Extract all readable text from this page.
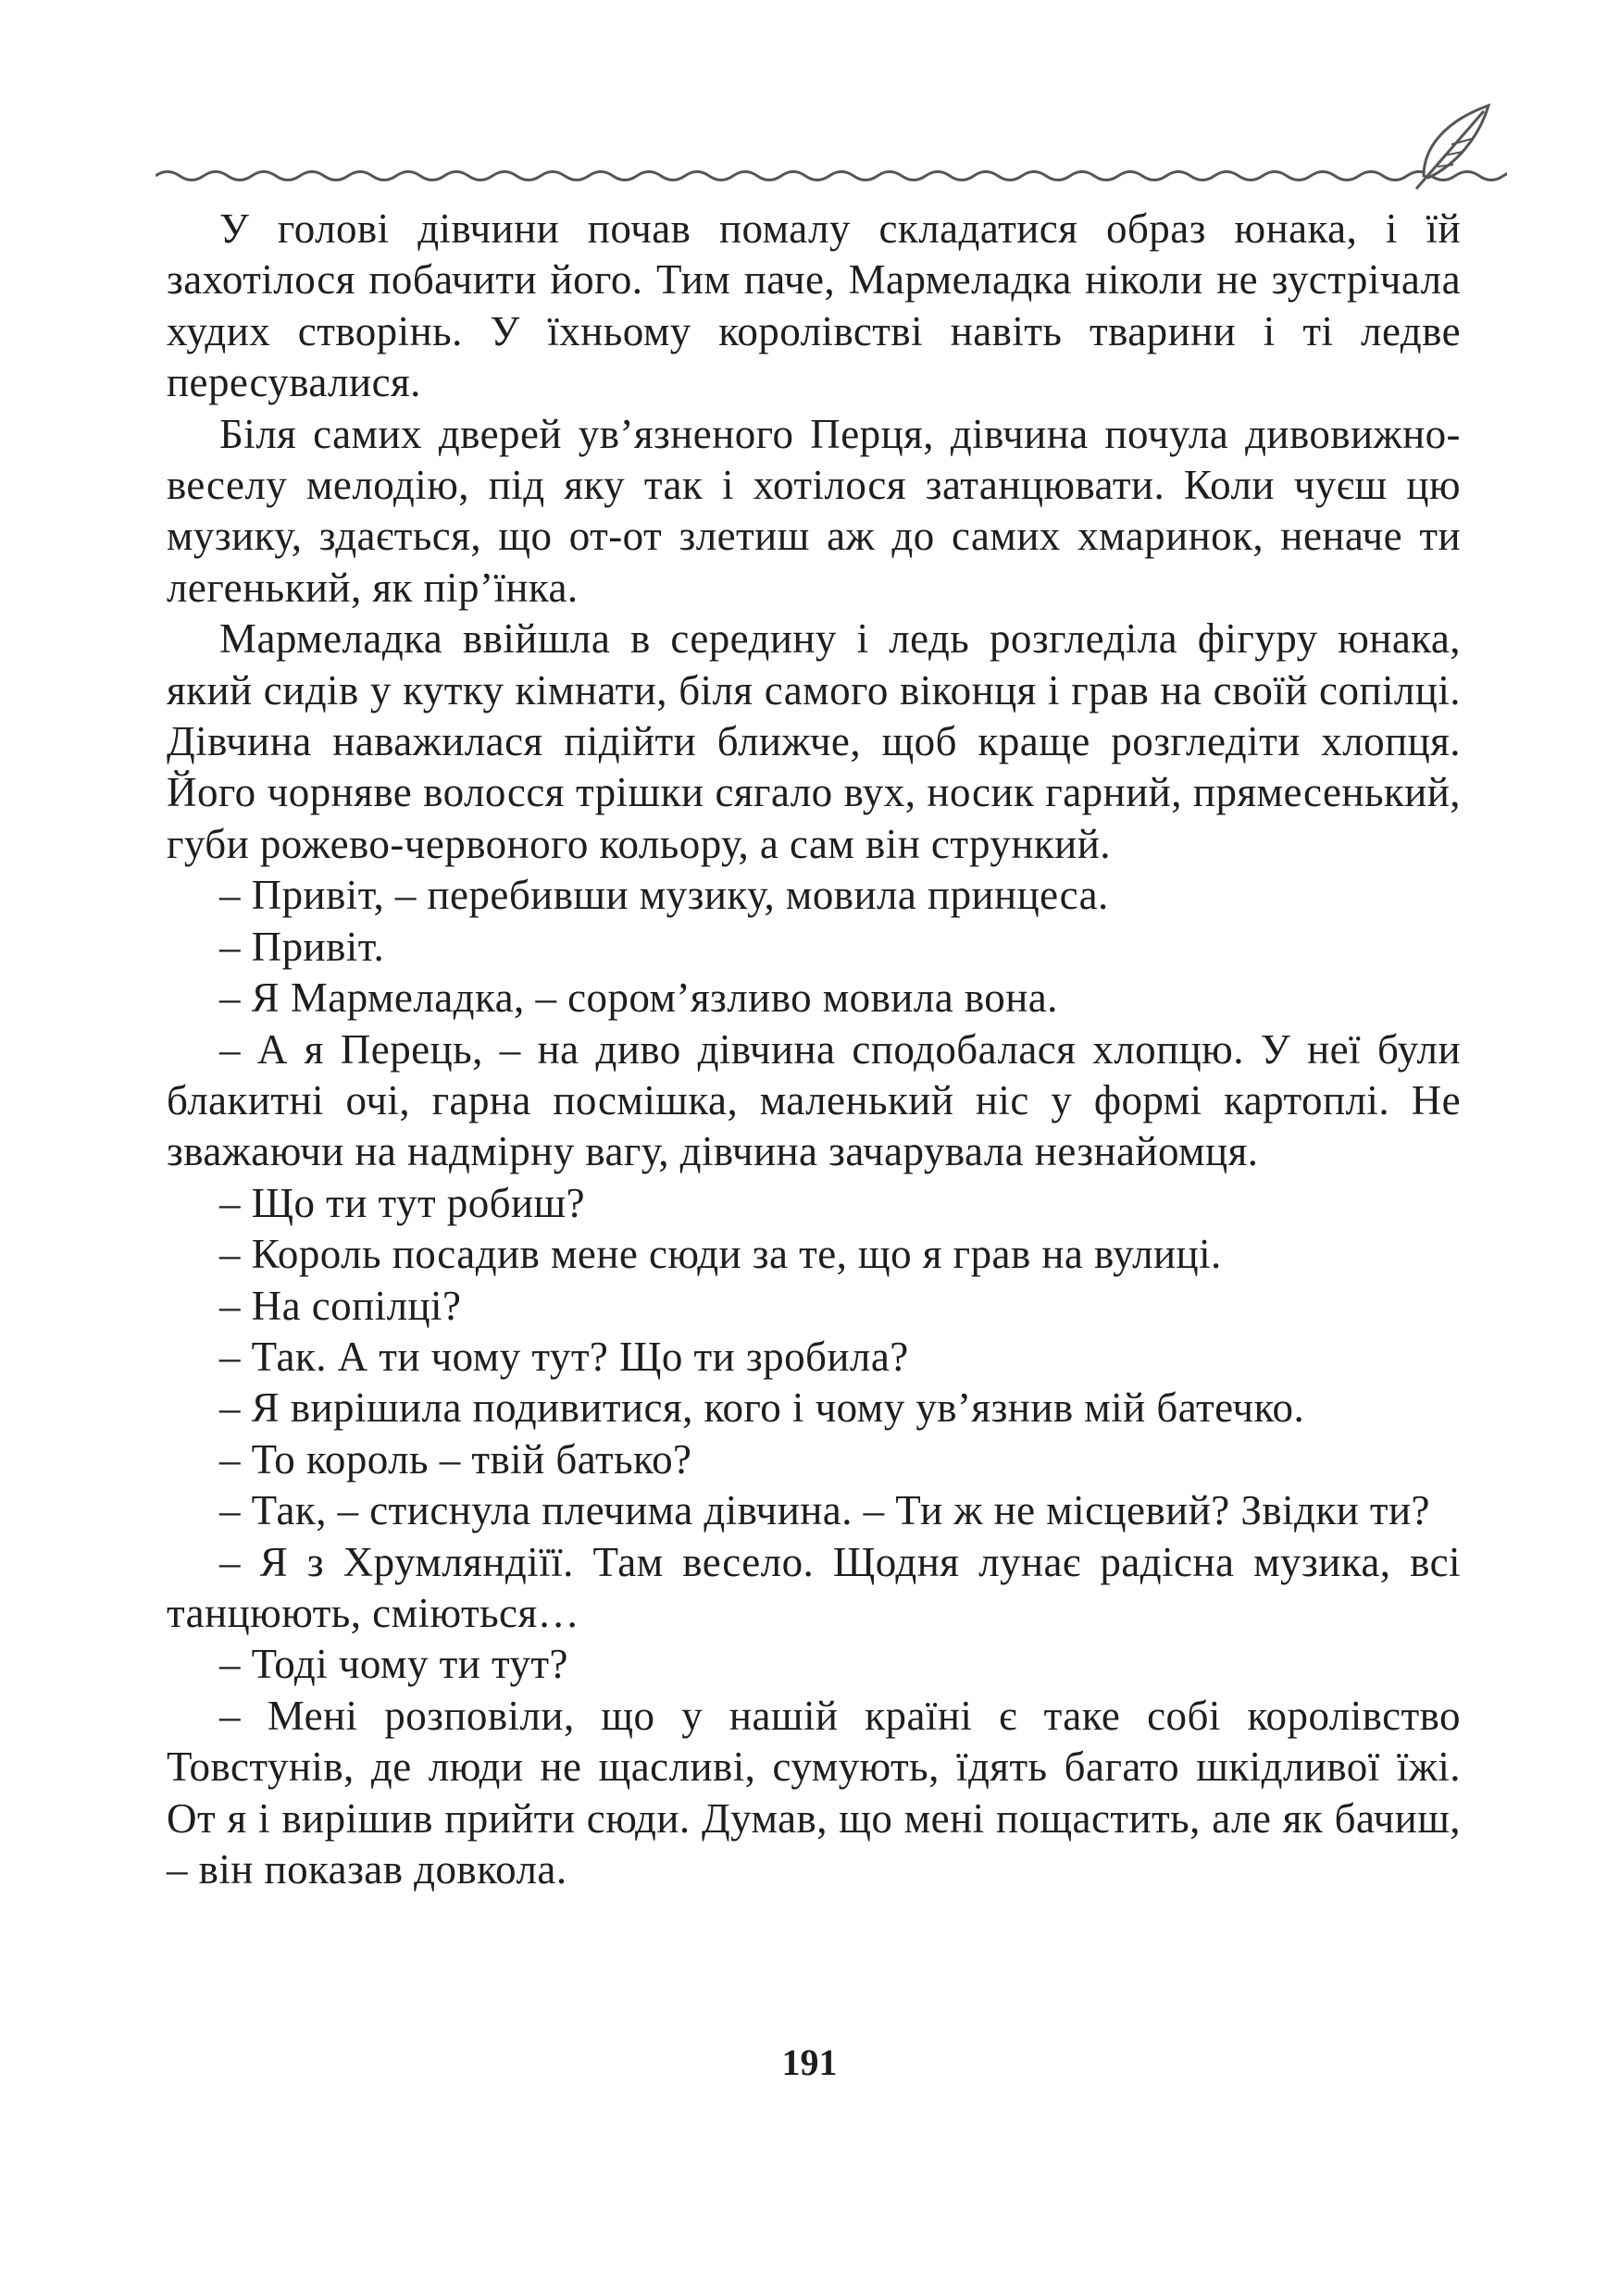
У голові дівчини почав помалу складатися образ юнака, і їй захотілося побачити його. Тим паче, Мармеладка ніколи не зустрічала худих створінь. У їхньому королівстві навіть тварини і ті ледве пересувалися.

Біля самих дверей ув’язненого Перця, дівчина почула дивовижно-веселу мелодію, під яку так і хотілося затанцювати. Коли чуєш цю музику, здається, що от-от злетиш аж до самих хмаринок, неначе ти легенький, як пір’їнка.

Мармеладка ввійшла в середину і ледь розгледіла фігуру юнака, який сидів у кутку кімнати, біля самого віконця і грав на своїй сопілці. Дівчина наважилася підійти ближче, щоб краще розгледіти хлопця. Його чорняве волосся трішки сягало вух, носик гарний, прямесенький, губи рожево-червоного кольору, а сам він стрункий.

– Привіт, – перебивши музику, мовила принцеса.

– Привіт.

– Я Мармеладка, – сором’язливо мовила вона.

– А я Перець, – на диво дівчина сподобалася хлопцю. У неї були блакитні очі, гарна посмішка, маленький ніс у формі картоплі. Не зважаючи на надмірну вагу, дівчина зачарувала незнайомця.

– Що ти тут робиш?

– Король посадив мене сюди за те, що я грав на вулиці.

– На сопілці?

– Так. А ти чому тут? Що ти зробила?

– Я вирішила подивитися, кого і чому ув’язнив мій батечко.

– То король – твій батько?

– Так, – стиснула плечима дівчина. – Ти ж не місцевий? Звідки ти?

– Я з Хрумляндіїї. Там весело. Щодня лунає радісна музика, всі танцюють, сміються…

– Тоді чому ти тут?

– Мені розповіли, що у нашій країні є таке собі королівство Товстунів, де люди не щасливі, сумують, їдять багато шкідливої їжі. От я і вирішив прийти сюди. Думав, що мені пощастить, але як бачиш, – він показав довкола.

191
